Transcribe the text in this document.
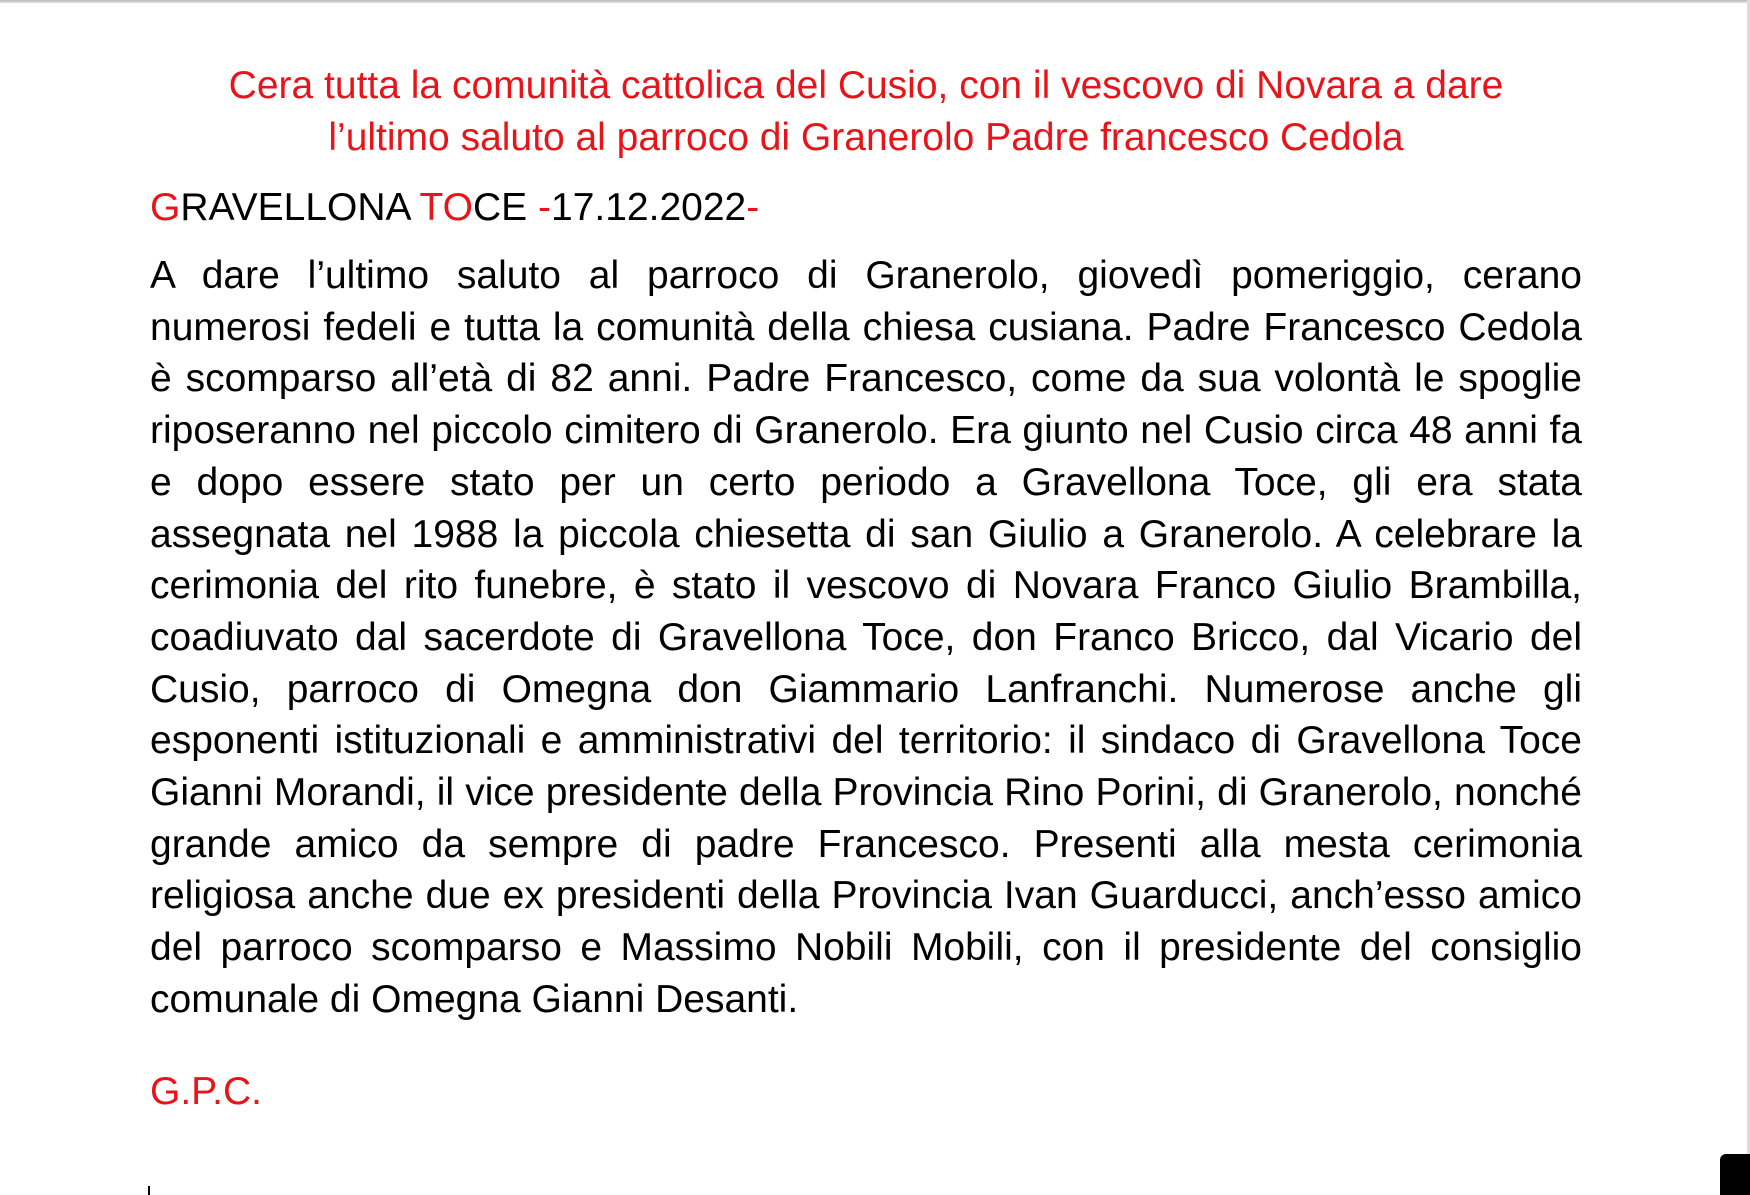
Cera tutta la comunità cattolica del Cusio, con il vescovo di Novara a dare
l’ultimo saluto al parroco di Granerolo Padre francesco Cedola
GRAVELLONA TOCE -17.12.2022-

A dare l’ultimo saluto al parroco di Granerolo, giovedì pomeriggio, cerano numerosi fedeli e tutta la comunità della chiesa cusiana. Padre Francesco Cedola è scomparso all’età di 82 anni. Padre Francesco, come da sua volontà le spoglie riposeranno nel piccolo cimitero di Granerolo. Era giunto nel Cusio circa 48 anni fa e dopo essere stato per un certo periodo a Gravellona Toce, gli era stata assegnata nel 1988 la piccola chiesetta di san Giulio a Granerolo. A celebrare la cerimonia del rito funebre, è stato il vescovo di Novara Franco Giulio Brambilla, coadiuvato dal sacerdote di Gravellona Toce, don Franco Bricco, dal Vicario del Cusio, parroco di Omegna don Giammario Lanfranchi. Numerose anche gli esponenti istituzionali e amministrativi del territorio: il sindaco di Gravellona Toce Gianni Morandi, il vice presidente della Provincia Rino Porini, di Granerolo, nonché grande amico da sempre di padre Francesco. Presenti alla mesta cerimonia religiosa anche due ex presidenti della Provincia Ivan Guarducci, anch’esso amico del parroco scomparso e Massimo Nobili Mobili, con il presidente del consiglio comunale di Omegna Gianni Desanti.

G.P.C.
